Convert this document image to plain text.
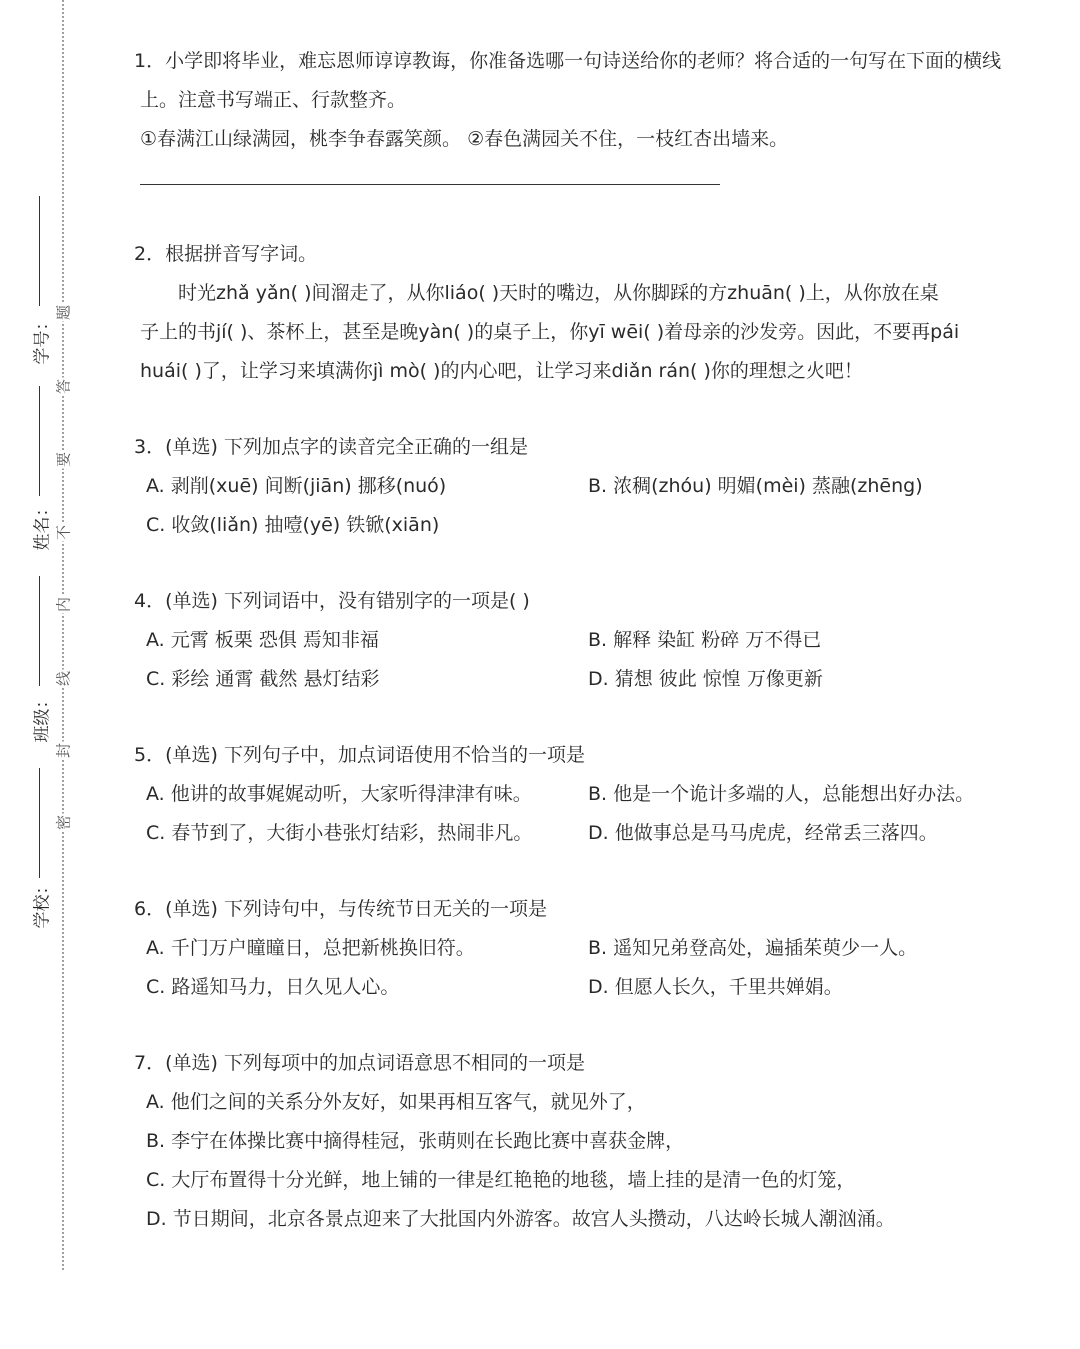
学号：
姓名：
班级：
学校：
题
答
要
不
内
线
封
密
1．小学即将毕业，难忘恩师谆谆教诲，你准备选哪一句诗送给你的老师？将合适的一句写在下面的横线
上。注意书写端正、行款整齐。
①春满江山绿满园，桃李争春露笑颜。 ②春色满园关不住，一枝红杏出墙来。
2．根据拼音写字词。
时光zhǎ yǎn( )间溜走了，从你liáo( )天时的嘴边，从你脚踩的方zhuān( )上，从你放在桌
子上的书jí( )、茶杯上，甚至是晚yàn( )的桌子上，你yī wēi( )着母亲的沙发旁。因此，不要再pái
huái( )了，让学习来填满你jì mò( )的内心吧，让学习来diǎn rán( )你的理想之火吧！
3．(单选) 下列加点字的读音完全正确的一组是
A. 剥削(xuē) 间断(jiān) 挪移(nuó)	B. 浓稠(zhóu) 明媚(mèi) 蒸融(zhēng)
C. 收敛(liǎn) 抽噎(yē) 铁锨(xiān)
4．(单选) 下列词语中，没有错别字的一项是( )
A. 元霄 板栗 恐俱 焉知非福	B. 解释 染缸 粉碎 万不得已
C. 彩绘 通霄 截然 悬灯结彩	D. 猜想 彼此 惊惶 万像更新
5．(单选) 下列句子中，加点词语使用不恰当的一项是
A. 他讲的故事娓娓动听，大家听得津津有味。	B. 他是一个诡计多端的人，总能想出好办法。
C. 春节到了，大街小巷张灯结彩，热闹非凡。	D. 他做事总是马马虎虎，经常丢三落四。
6．(单选) 下列诗句中，与传统节日无关的一项是
A. 千门万户曈曈日，总把新桃换旧符。	B. 遥知兄弟登高处，遍插茱萸少一人。
C. 路遥知马力，日久见人心。	D. 但愿人长久，千里共婵娟。
7．(单选) 下列每项中的加点词语意思不相同的一项是
A. 他们之间的关系分外友好，如果再相互客气，就见外了，
B. 李宁在体操比赛中摘得桂冠，张萌则在长跑比赛中喜获金牌，
C. 大厅布置得十分光鲜，地上铺的一律是红艳艳的地毯，墙上挂的是清一色的灯笼，
D. 节日期间，北京各景点迎来了大批国内外游客。故宫人头攒动，八达岭长城人潮汹涌。
